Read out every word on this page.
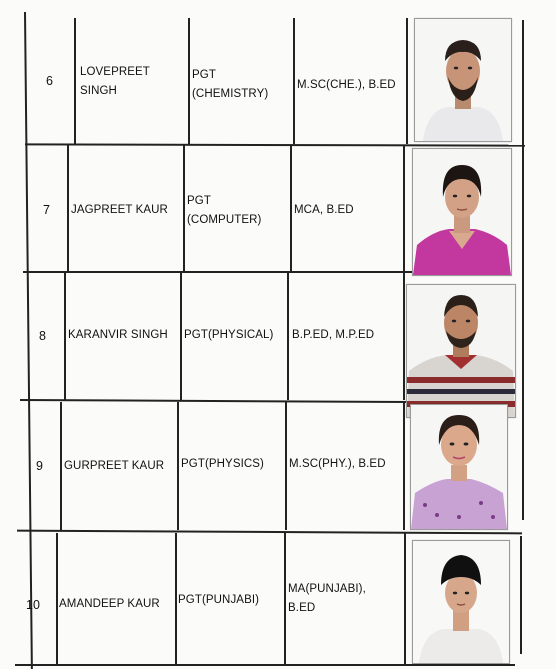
6
LOVEPREET
SINGH
PGT
(CHEMISTRY)
M.SC(CHE.), B.ED
7 JAGPREET KAUR
PGT
(COMPUTER)
MCA, B.ED
8 KARANVIR SINGH PGT(PHYSICAL) B.P.ED, M.P.ED
9 GURPREET KAUR PGT(PHYSICS) M.SC(PHY.), B.ED
10 AMANDEEP KAUR PGT(PUNJABI)
MA(PUNJABI),
B.ED
